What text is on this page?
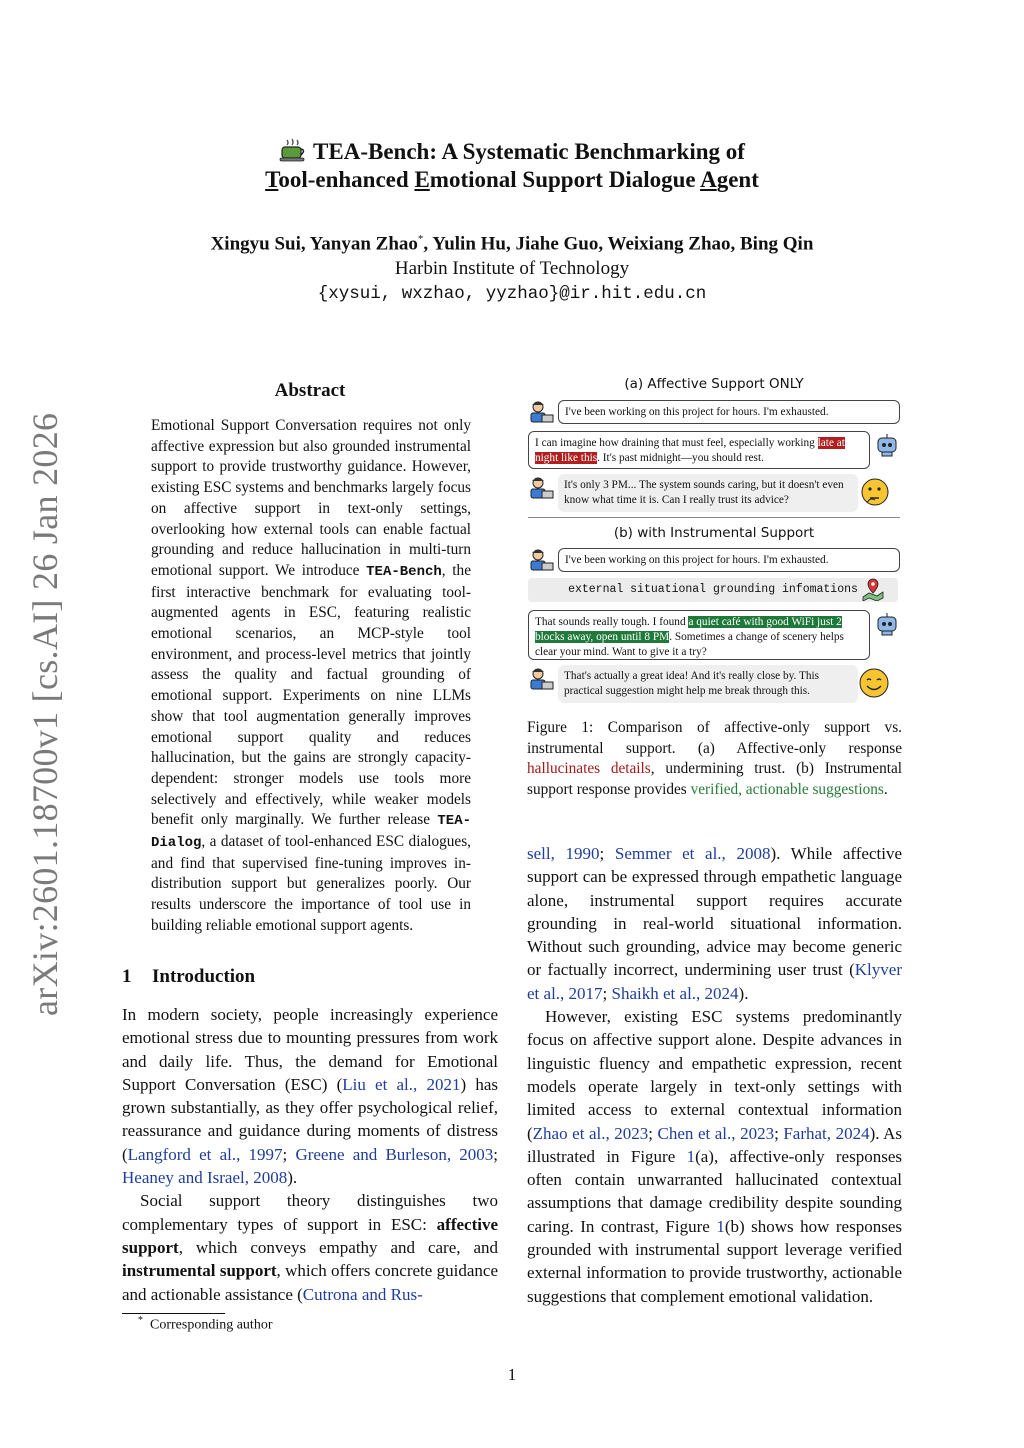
arXiv:2601.18700v1 [cs.AI] 26 Jan 2026
TEA-Bench: A Systematic Benchmarking of
Tool-enhanced Emotional Support Dialogue Agent
Xingyu Sui, Yanyan Zhao*, Yulin Hu, Jiahe Guo, Weixiang Zhao, Bing Qin
Harbin Institute of Technology
{xysui, wxzhao, yyzhao}@ir.hit.edu.cn
Abstract
Emotional Support Conversation requires not only affective expression but also grounded instrumental support to provide trustworthy guidance. However, existing ESC systems and benchmarks largely focus on affective support in text-only settings, overlooking how external tools can enable factual grounding and reduce hallucination in multi-turn emotional support. We introduce TEA-Bench, the first interactive benchmark for evaluating tool-augmented agents in ESC, featuring realistic emotional scenarios, an MCP-style tool environment, and process-level metrics that jointly assess the quality and factual grounding of emotional support. Experiments on nine LLMs show that tool augmentation generally improves emotional support quality and reduces hallucination, but the gains are strongly capacity-dependent: stronger models use tools more selectively and effectively, while weaker models benefit only marginally. We further release TEA-Dialog, a dataset of tool-enhanced ESC dialogues, and find that supervised fine-tuning improves in-distribution support but generalizes poorly. Our results underscore the importance of tool use in building reliable emotional support agents.
1 Introduction

In modern society, people increasingly experience emotional stress due to mounting pressures from work and daily life. Thus, the demand for Emotional Support Conversation (ESC) (Liu et al., 2021) has grown substantially, as they offer psychological relief, reassurance and guidance during moments of distress (Langford et al., 1997; Greene and Burleson, 2003; Heaney and Israel, 2008).

Social support theory distinguishes two complementary types of support in ESC: affective support, which conveys empathy and care, and instrumental support, which offers concrete guidance and actionable assistance (Cutrona and Rus-

* Corresponding author
(a) Affective Support ONLY
I've been working on this project for hours. I'm exhausted.
I can imagine how draining that must feel, especially working late at night like this. It's past midnight—you should rest.
It's only 3 PM... The system sounds caring, but it doesn't even know what time it is. Can I really trust its advice?
(b) with Instrumental Support
I've been working on this project for hours. I'm exhausted.
external situational grounding infomations
That sounds really tough. I found a quiet café with good WiFi just 2 blocks away, open until 8 PM. Sometimes a change of scenery helps clear your mind. Want to give it a try?
That's actually a great idea! And it's really close by. This practical suggestion might help me break through this.
Figure 1: Comparison of affective-only support vs. instrumental support. (a) Affective-only response hallucinates details, undermining trust. (b) Instrumental support response provides verified, actionable suggestions.

sell, 1990; Semmer et al., 2008). While affective support can be expressed through empathetic language alone, instrumental support requires accurate grounding in real-world situational information. Without such grounding, advice may become generic or factually incorrect, undermining user trust (Klyver et al., 2017; Shaikh et al., 2024).

However, existing ESC systems predominantly focus on affective support alone. Despite advances in linguistic fluency and empathetic expression, recent models operate largely in text-only settings with limited access to external contextual information (Zhao et al., 2023; Chen et al., 2023; Farhat, 2024). As illustrated in Figure 1(a), affective-only responses often contain unwarranted hallucinated contextual assumptions that damage credibility despite sounding caring. In contrast, Figure 1(b) shows how responses grounded with instrumental support leverage verified external information to provide trustworthy, actionable suggestions that complement emotional validation.

1
